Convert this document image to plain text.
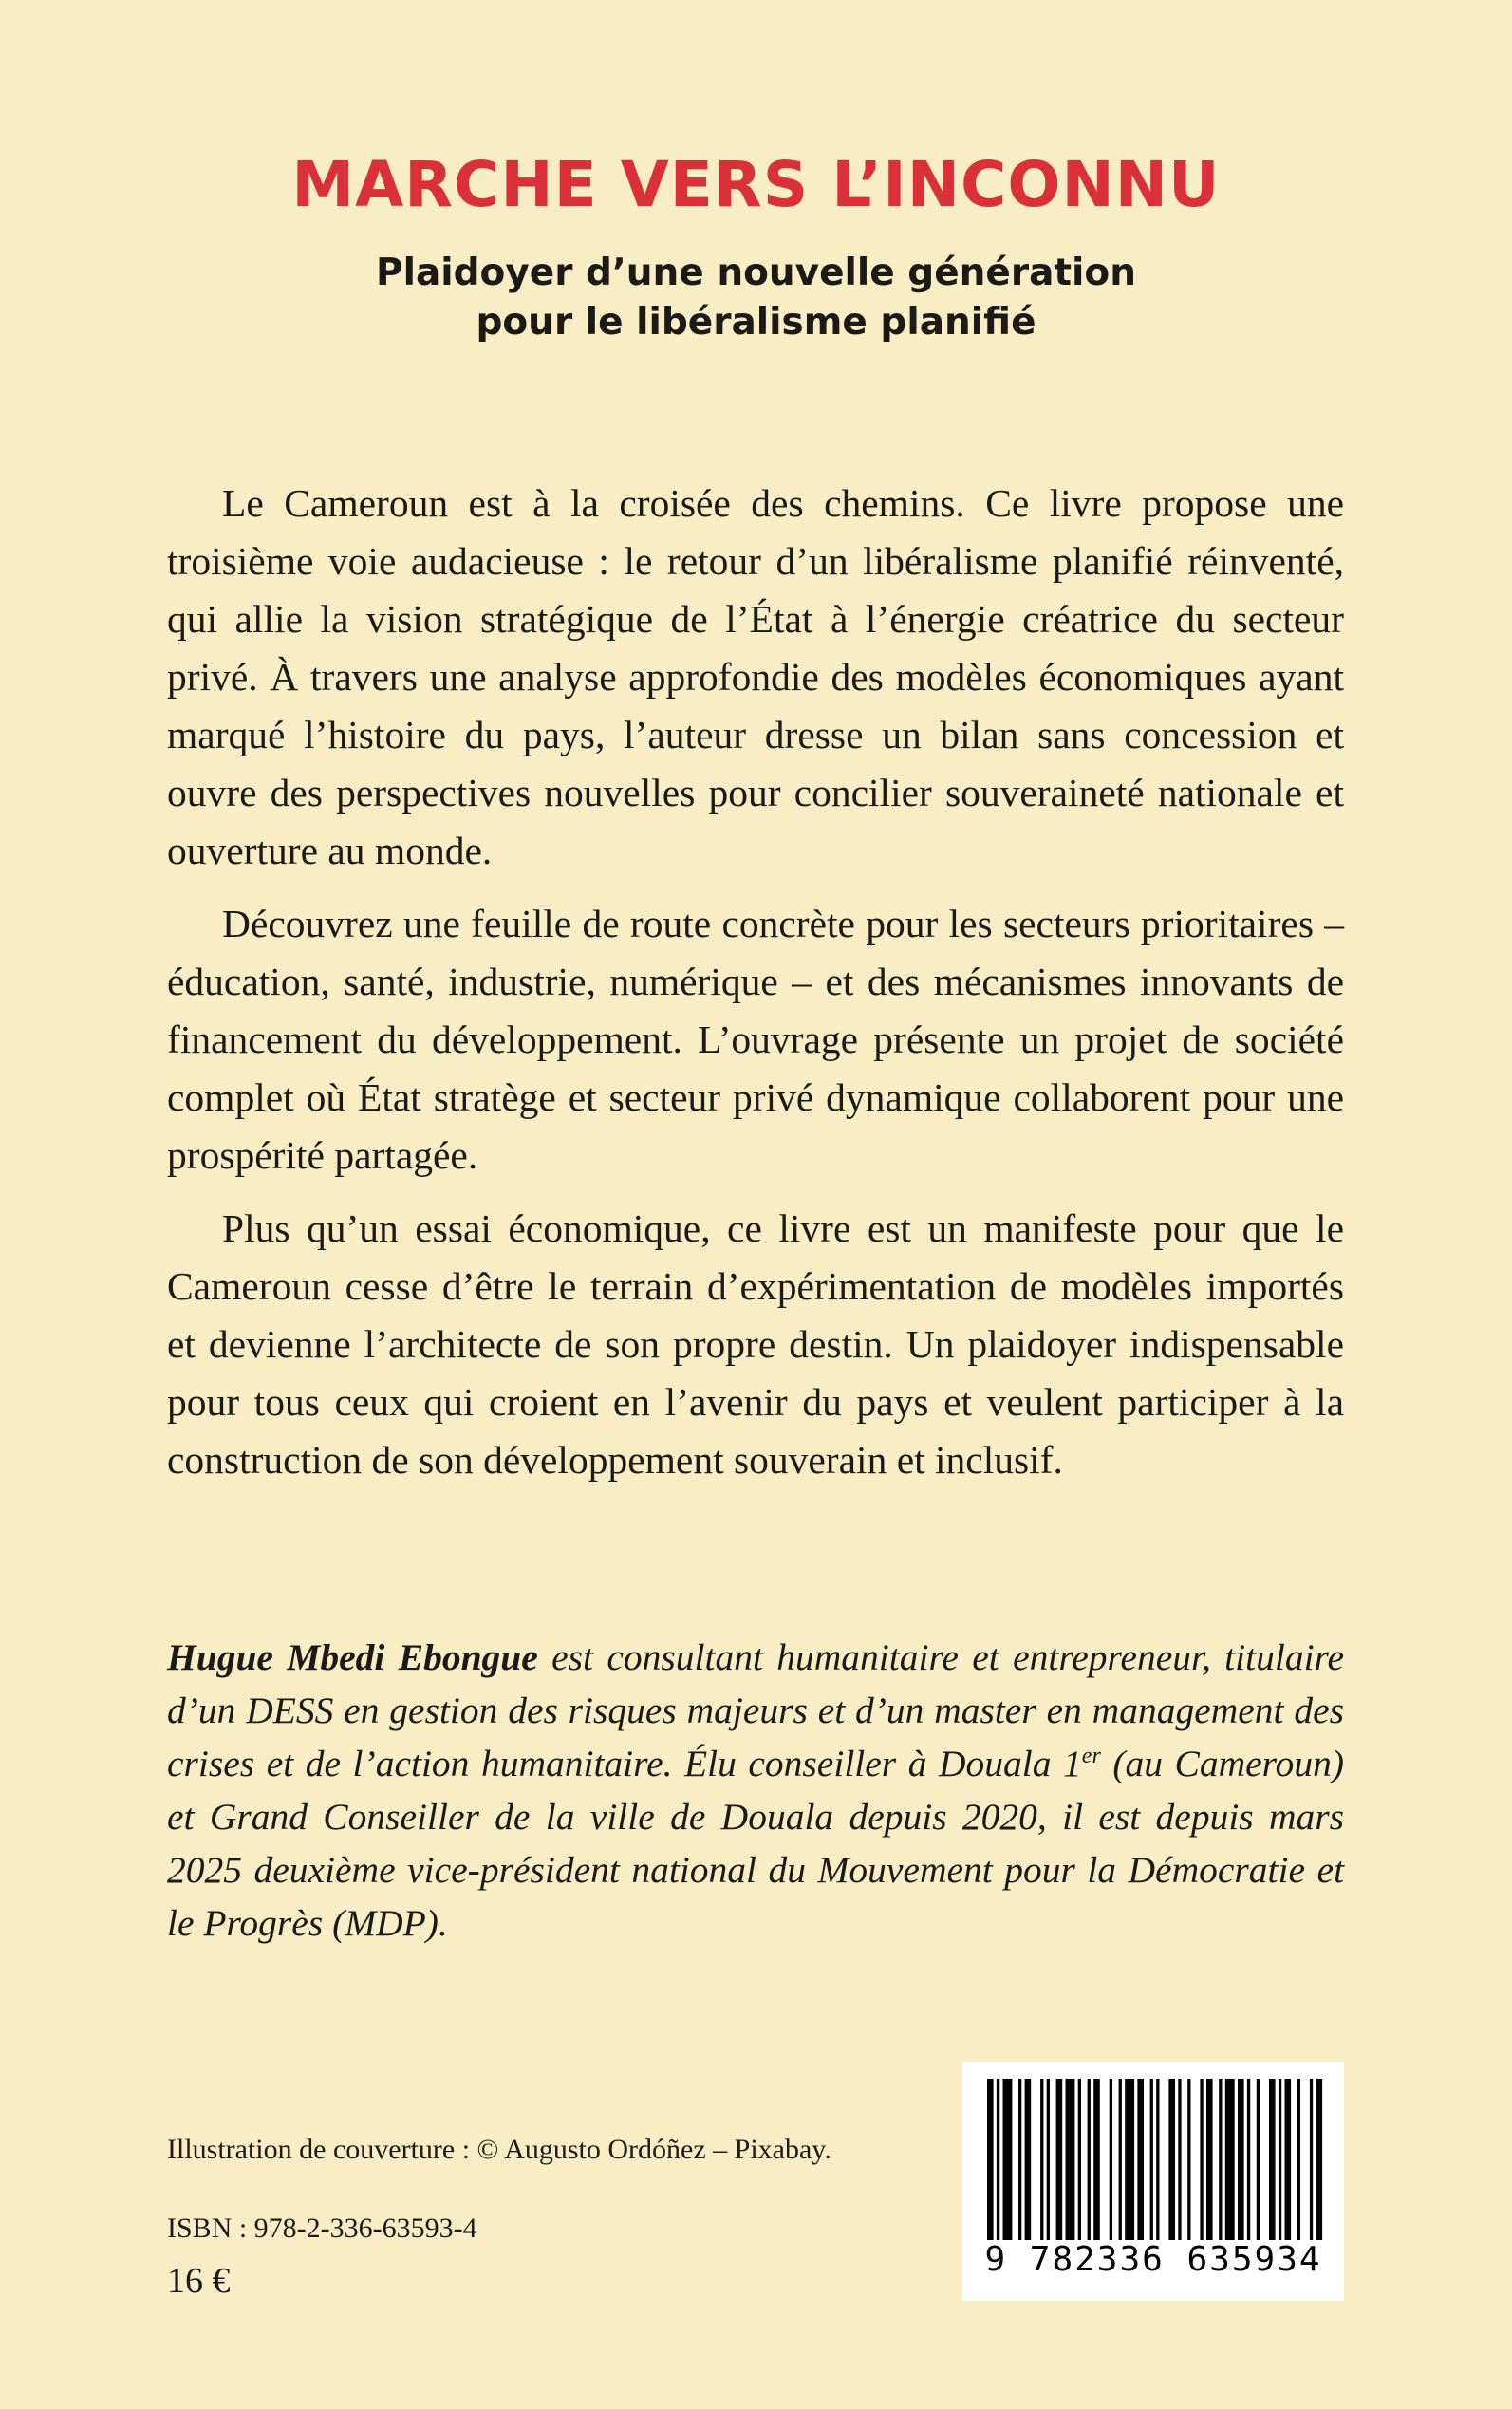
MARCHE VERS L’INCONNU
Plaidoyer d’une nouvelle génération
pour le libéralisme planifié

Le Cameroun est à la croisée des chemins. Ce livre propose une troisième voie audacieuse : le retour d’un libéralisme planifié réinventé, qui allie la vision stratégique de l’État à l’énergie créatrice du secteur privé. À travers une analyse approfondie des modèles économiques ayant marqué l’histoire du pays, l’auteur dresse un bilan sans concession et ouvre des perspectives nouvelles pour concilier souveraineté nationale et ouverture au monde.

Découvrez une feuille de route concrète pour les secteurs prioritaires – éducation, santé, industrie, numérique – et des mécanismes innovants de financement du développement. L’ouvrage présente un projet de société complet où État stratège et secteur privé dynamique collaborent pour une prospérité partagée.

Plus qu’un essai économique, ce livre est un manifeste pour que le Cameroun cesse d’être le terrain d’expérimentation de modèles importés et devienne l’architecte de son propre destin. Un plaidoyer indispensable pour tous ceux qui croient en l’avenir du pays et veulent participer à la construction de son développement souverain et inclusif.

Hugue Mbedi Ebongue est consultant humanitaire et entrepreneur, titulaire d’un DESS en gestion des risques majeurs et d’un master en management des crises et de l’action humanitaire. Élu conseiller à Douala 1er (au Cameroun) et Grand Conseiller de la ville de Douala depuis 2020, il est depuis mars 2025 deuxième vice-président national du Mouvement pour la Démocratie et le Progrès (MDP).
Illustration de couverture : © Augusto Ordóñez – Pixabay.
ISBN : 978-2-336-63593-4
16 €
9 782336 635934
